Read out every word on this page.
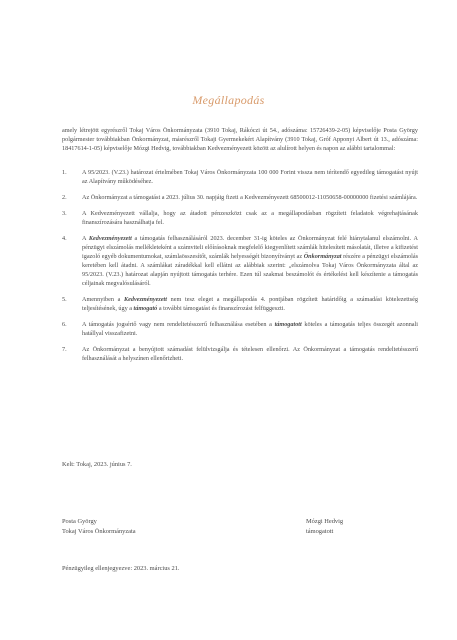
Megállapodás
amely létrejött egyrészről Tokaj Város Önkormányzata (3910 Tokaj, Rákóczi út 54., adószáma: 15726439-2-05) képviselője Posta György polgármester továbbiakban Önkormányzat, másrészről Tokaji Gyermekekért Alapítvány (3910 Tokaj, Gróf Apponyi Albert út 13., adószáma: 18417614-1-05) képviselője Mózgi Hedvig, továbbiakban Kedvezményezett között az alulírott helyen és napon az alábbi tartalommal:
1. A 95/2023. (V.23.) határozat értelmében Tokaj Város Önkormányzata 100 000 Forint vissza nem térítendő egyedileg támogatást nyújt az Alapítvány működéséhez.
2. Az Önkormányzat a támogatást a 2023. július 30. napjáig fizeti a Kedvezményezett 68500012-11050658-00000000 fizetési számlájára.
3. A Kedvezményezett vállalja, hogy az átadott pénzeszközt csak az a megállapodásban rögzített feladatok végrehajtásának finanszírozására használhatja fel.
4. A Kedvezményezett a támogatás felhasználásáról 2023. december 31-ig köteles az Önkormányzat felé hiánytalanul elszámolni. A pénzügyi elszámolás mellékleteként a számviteli előírásoknak megfelelő kiegyenlített számlák hitelesített másolatát, illetve a kifizetést igazoló egyéb dokumentumokat, számlaösszesítőt, számlák helyességét bizonyítványt az Önkormányzat részére a pénzügyi elszámolás keretében kell átadni. A számlákat záradékkal kell ellátni az alábbiak szerint: „elszámolva Tokaj Város Önkormányzata által az 95/2023. (V.23.) határozat alapján nyújtott támogatás terhére. Ezen túl szakmai beszámolót és értékelést kell készítenie a támogatás céljainak megvalósulásáról.
5. Amennyiben a Kedvezményezett nem tesz eleget a megállapodás 4. pontjában rögzített határidőig a számadási kötelezettség teljesítésének, úgy a támogató a további támogatást és finanszírozást felfüggeszti.
6. A támogatás jogsértő vagy nem rendeltetésszerű felhasználása esetében a támogatott köteles a támogatás teljes összegét azonnali hatállyal visszafizetni.
7. Az Önkormányzat a benyújtott számadást felülvizsgálja és tételesen ellenőrzi. Az Önkormányzat a támogatás rendeltetésszerű felhasználását a helyszínen ellenőrizheti.
Kelt: Tokaj, 2023. június 7.
Posta György
Tokaj Város Önkormányzata
Mózgi Hedvig
támogatott
Pénzügyileg ellenjegyezve: 2023. március 21.
